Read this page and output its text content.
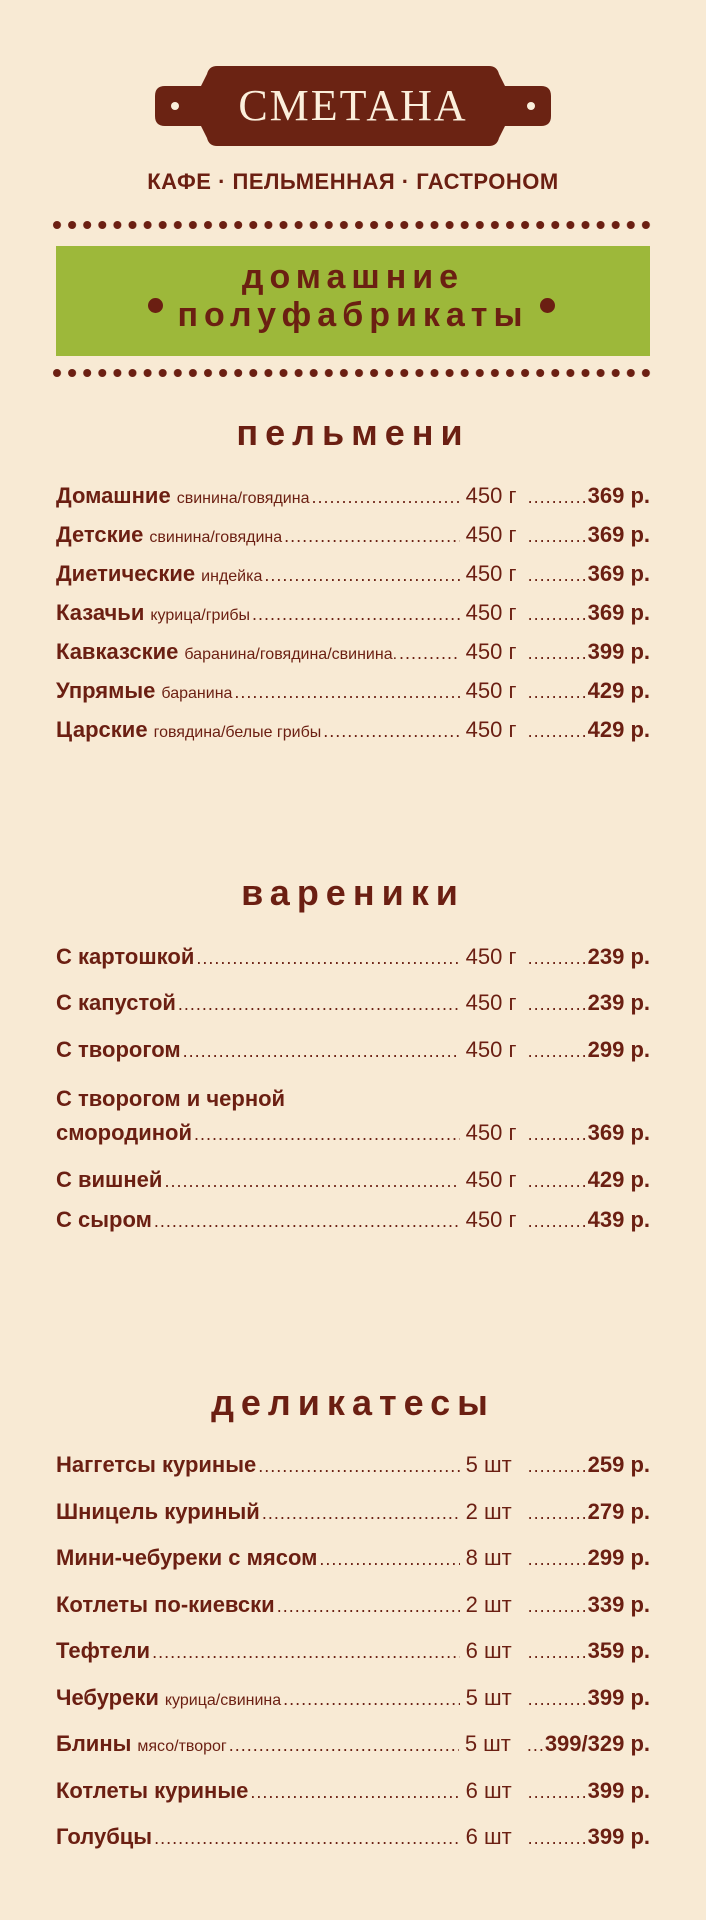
СМЕТАНА
КАФЕ · ПЕЛЬМЕННАЯ · ГАСТРОНОМ
домашние
полуфабрикаты
пельмени
Домашние свинина/говядина .....	450 г .....	369 р.
Детские свинина/говядина .....	450 г .....	369 р.
Диетические индейка .....	450 г .....	369 р.
Казачьи курица/грибы .....	450 г .....	369 р.
Кавказские баранина/говядина/свинина. .....	450 г .....	399 р.
Упрямые баранина .....	450 г .....	429 р.
Царские говядина/белые грибы .....	450 г .....	429 р.
вареники
С картошкой .....	450 г .....	239 р.
С капустой .....	450 г .....	239 р.
С творогом .....	450 г .....	299 р.
С творогом и черной
смородиной .....	450 г .....	369 р.
С вишней .....	450 г .....	429 р.
С сыром .....	450 г .....	439 р.
деликатесы
Наггетсы куриные .....	5 шт .....	259 р.
Шницель куриный .....	2 шт .....	279 р.
Мини-чебуреки с мясом .....	8 шт .....	299 р.
Котлеты по-киевски .....	2 шт .....	339 р.
Тефтели .....	6 шт .....	359 р.
Чебуреки курица/свинина .....	5 шт .....	399 р.
Блины мясо/творог .....	5 шт .....	399/329 р.
Котлеты куриные .....	6 шт .....	399 р.
Голубцы .....	6 шт .....	399 р.
